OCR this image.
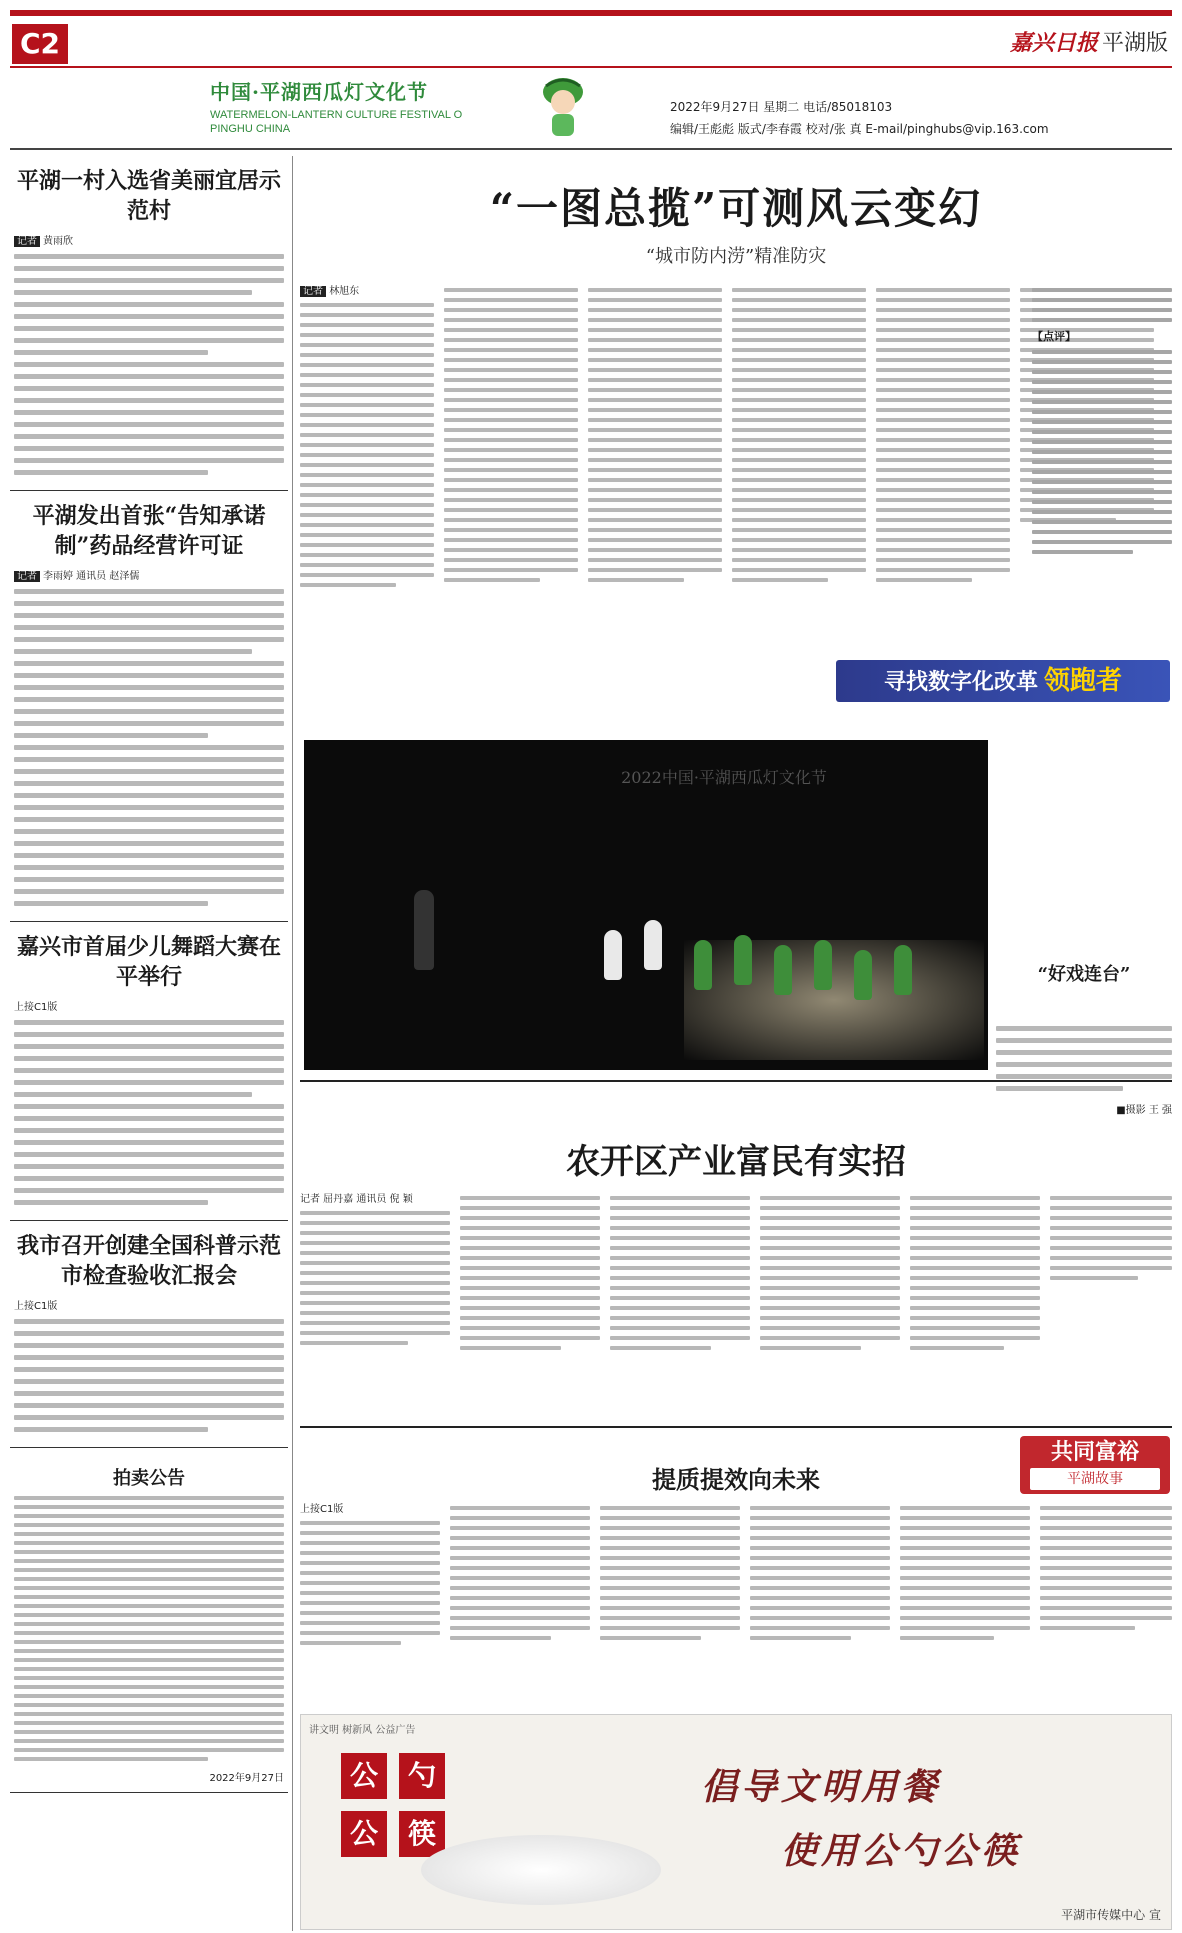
C2	嘉兴日报 平湖版
中国·平湖西瓜灯文化节
WATERMELON-LANTERN CULTURE FESTIVAL O
PINGHU CHINA
2022年9月27日 星期二 电话/85018103
编辑/王彪彪 版式/李春霞 校对/张 真 E-mail/pinghubs@vip.163.com
平湖一村入选省美丽宜居示范村
记者 黄雨欣
平湖发出首张“告知承诺制”药品经营许可证
记者 李雨婷 通讯员 赵泽儒
嘉兴市首届少儿舞蹈大赛在平举行
上接C1版
我市召开创建全国科普示范市检查验收汇报会
上接C1版
拍卖公告
2022年9月27日
“一图总揽”可测风云变幻
“城市防内涝”精准防灾
记者 林旭东
【点评】
寻找数字化改革 领跑者
2022中国·平湖西瓜灯文化节
“好戏连台”
■摄影 王 强
农开区产业富民有实招
记者 屈丹嘉 通讯员 倪 颖
共同富裕
平湖故事
提质提效向未来
上接C1版
讲文明 树新风 公益广告
公	勺
公	筷
倡导文明用餐
使用公勺公筷
平湖市传媒中心 宣
